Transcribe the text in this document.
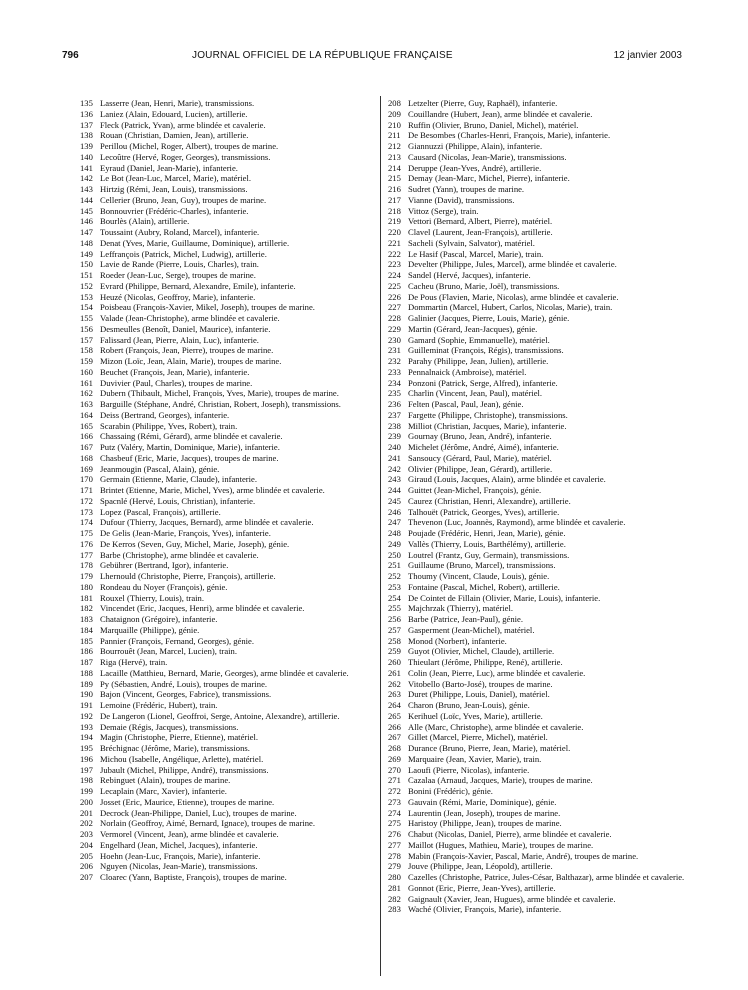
796	JOURNAL OFFICIEL DE LA RÉPUBLIQUE FRANÇAISE	12 janvier 2003

135 Lasserre (Jean, Henri, Marie), transmissions.

136 Laniez (Alain, Edouard, Lucien), artillerie.

137 Fleck (Patrick, Yvan), arme blindée et cavalerie.

138 Rouan (Christian, Damien, Jean), artillerie.

139 Perillou (Michel, Roger, Albert), troupes de marine.

140 Lecoûtre (Hervé, Roger, Georges), transmissions.

141 Eyraud (Daniel, Jean-Marie), infanterie.

142 Le Bot (Jean-Luc, Marcel, Marie), matériel.

143 Hirtzig (Rémi, Jean, Louis), transmissions.

144 Cellerier (Bruno, Jean, Guy), troupes de marine.

145 Bonnouvrier (Frédéric-Charles), infanterie.

146 Bourlès (Alain), artillerie.

147 Toussaint (Aubry, Roland, Marcel), infanterie.

148 Denat (Yves, Marie, Guillaume, Dominique), artillerie.

149 Leffrançois (Patrick, Michel, Ludwig), artillerie.

150 Lavie de Rande (Pierre, Louis, Charles), train.

151 Roeder (Jean-Luc, Serge), troupes de marine.

152 Evrard (Philippe, Bernard, Alexandre, Emile), infanterie.

153 Heuzé (Nicolas, Geoffroy, Marie), infanterie.

154 Poisbeau (François-Xavier, Mikel, Joseph), troupes de marine.

155 Valade (Jean-Christophe), arme blindée et cavalerie.

156 Desmeulles (Benoît, Daniel, Maurice), infanterie.

157 Falissard (Jean, Pierre, Alain, Luc), infanterie.

158 Robert (François, Jean, Pierre), troupes de marine.

159 Mizon (Loïc, Jean, Alain, Marie), troupes de marine.

160 Beuchet (François, Jean, Marie), infanterie.

161 Duvivier (Paul, Charles), troupes de marine.

162 Dubern (Thibault, Michel, François, Yves, Marie), troupes de marine.

163 Barguille (Stéphane, André, Christian, Robert, Joseph), transmissions.

164 Deiss (Bertrand, Georges), infanterie.

165 Scarabin (Philippe, Yves, Robert), train.

166 Chassaing (Rémi, Gérard), arme blindée et cavalerie.

167 Putz (Valéry, Martin, Dominique, Marie), infanterie.

168 Chasbeuf (Eric, Marie, Jacques), troupes de marine.

169 Jeanmougin (Pascal, Alain), génie.

170 Germain (Etienne, Marie, Claude), infanterie.

171 Brintet (Etienne, Marie, Michel, Yves), arme blindée et cavalerie.

172 Spacnlé (Hervé, Louis, Christian), infanterie.

173 Lopez (Pascal, François), artillerie.

174 Dufour (Thierry, Jacques, Bernard), arme blindée et cavalerie.

175 De Gelis (Jean-Marie, François, Yves), infanterie.

176 De Kerros (Seven, Guy, Michel, Marie, Joseph), génie.

177 Barbe (Christophe), arme blindée et cavalerie.

178 Gebührer (Bertrand, Igor), infanterie.

179 Lhernould (Christophe, Pierre, François), artillerie.

180 Rondeau du Noyer (François), génie.

181 Rouxel (Thierry, Louis), train.

182 Vincendet (Eric, Jacques, Henri), arme blindée et cavalerie.

183 Chataignon (Grégoire), infanterie.

184 Marquaille (Philippe), génie.

185 Pannier (François, Fernand, Georges), génie.

186 Bourrouêt (Jean, Marcel, Lucien), train.

187 Riga (Hervé), train.

188 Lacaille (Matthieu, Bernard, Marie, Georges), arme blindée et cavalerie.

189 Py (Sébastien, André, Louis), troupes de marine.

190 Bajon (Vincent, Georges, Fabrice), transmissions.

191 Lemoine (Frédéric, Hubert), train.

192 De Langeron (Lionel, Geoffroi, Serge, Antoine, Alexandre), artillerie.

193 Demaie (Régis, Jacques), transmissions.

194 Magin (Christophe, Pierre, Etienne), matériel.

195 Bréchignac (Jérôme, Marie), transmissions.

196 Michou (Isabelle, Angélique, Arlette), matériel.

197 Jubault (Michel, Philippe, André), transmissions.

198 Rebinguet (Alain), troupes de marine.

199 Lecaplain (Marc, Xavier), infanterie.

200 Josset (Eric, Maurice, Etienne), troupes de marine.

201 Decrock (Jean-Philippe, Daniel, Luc), troupes de marine.

202 Norlain (Geoffroy, Aimé, Bernard, Ignace), troupes de marine.

203 Vermorel (Vincent, Jean), arme blindée et cavalerie.

204 Engelhard (Jean, Michel, Jacques), infanterie.

205 Hoehn (Jean-Luc, François, Marie), infanterie.

206 Nguyen (Nicolas, Jean-Marie), transmissions.

207 Cloarec (Yann, Baptiste, François), troupes de marine.

208 Letzelter (Pierre, Guy, Raphaël), infanterie.

209 Couillandre (Hubert, Jean), arme blindée et cavalerie.

210 Ruffin (Olivier, Bruno, Daniel, Michel), matériel.

211 De Besombes (Charles-Henri, François, Marie), infanterie.

212 Giannuzzi (Philippe, Alain), infanterie.

213 Causard (Nicolas, Jean-Marie), transmissions.

214 Deruppe (Jean-Yves, André), artillerie.

215 Demay (Jean-Marc, Michel, Pierre), infanterie.

216 Sudret (Yann), troupes de marine.

217 Vianne (David), transmissions.

218 Vittoz (Serge), train.

219 Vettori (Bernard, Albert, Pierre), matériel.

220 Clavel (Laurent, Jean-François), artillerie.

221 Sacheli (Sylvain, Salvator), matériel.

222 Le Hasif (Pascal, Marcel, Marie), train.

223 Develter (Philippe, Jules, Marcel), arme blindée et cavalerie.

224 Sandel (Hervé, Jacques), infanterie.

225 Cacheu (Bruno, Marie, Joël), transmissions.

226 De Pous (Flavien, Marie, Nicolas), arme blindée et cavalerie.

227 Dommartin (Marcel, Hubert, Carlos, Nicolas, Marie), train.

228 Galinier (Jacques, Pierre, Louis, Marie), génie.

229 Martin (Gérard, Jean-Jacques), génie.

230 Gamard (Sophie, Emmanuelle), matériel.

231 Guilleminat (François, Régis), transmissions.

232 Parahy (Philippe, Jean, Julien), artillerie.

233 Pennalnaick (Ambroise), matériel.

234 Ponzoni (Patrick, Serge, Alfred), infanterie.

235 Charlin (Vincent, Jean, Paul), matériel.

236 Felten (Pascal, Paul, Jean), génie.

237 Fargette (Philippe, Christophe), transmissions.

238 Milliot (Christian, Jacques, Marie), infanterie.

239 Gournay (Bruno, Jean, André), infanterie.

240 Michelet (Jérôme, André, Aimé), infanterie.

241 Sansoucy (Gérard, Paul, Marie), matériel.

242 Olivier (Philippe, Jean, Gérard), artillerie.

243 Giraud (Louis, Jacques, Alain), arme blindée et cavalerie.

244 Guittet (Jean-Michel, François), génie.

245 Caurez (Christian, Henri, Alexandre), artillerie.

246 Talhouët (Patrick, Georges, Yves), artillerie.

247 Thevenon (Luc, Joannès, Raymond), arme blindée et cavalerie.

248 Poujade (Frédéric, Henri, Jean, Marie), génie.

249 Vallès (Thierry, Louis, Barthélémy), artillerie.

250 Loutrel (Frantz, Guy, Germain), transmissions.

251 Guillaume (Bruno, Marcel), transmissions.

252 Thoumy (Vincent, Claude, Louis), génie.

253 Fontaine (Pascal, Michel, Robert), artillerie.

254 De Cointet de Fillain (Olivier, Marie, Louis), infanterie.

255 Majchrzak (Thierry), matériel.

256 Barbe (Patrice, Jean-Paul), génie.

257 Gasperment (Jean-Michel), matériel.

258 Monod (Norbert), infanterie.

259 Guyot (Olivier, Michel, Claude), artillerie.

260 Thieulart (Jérôme, Philippe, René), artillerie.

261 Colin (Jean, Pierre, Luc), arme blindée et cavalerie.

262 Vitobello (Barto-José), troupes de marine.

263 Duret (Philippe, Louis, Daniel), matériel.

264 Charon (Bruno, Jean-Louis), génie.

265 Kerihuel (Loïc, Yves, Marie), artillerie.

266 Alle (Marc, Christophe), arme blindée et cavalerie.

267 Gillet (Marcel, Pierre, Michel), matériel.

268 Durance (Bruno, Pierre, Jean, Marie), matériel.

269 Marquaire (Jean, Xavier, Marie), train.

270 Laoufi (Pierre, Nicolas), infanterie.

271 Cazalaa (Arnaud, Jacques, Marie), troupes de marine.

272 Bonini (Frédéric), génie.

273 Gauvain (Rémi, Marie, Dominique), génie.

274 Laurentin (Jean, Joseph), troupes de marine.

275 Haristoy (Philippe, Jean), troupes de marine.

276 Chabut (Nicolas, Daniel, Pierre), arme blindée et cavalerie.

277 Maillot (Hugues, Mathieu, Marie), troupes de marine.

278 Mabin (François-Xavier, Pascal, Marie, André), troupes de marine.

279 Jouve (Philippe, Jean, Léopold), artillerie.

280 Cazelles (Christophe, Patrice, Jules-César, Balthazar), arme blindée et cavalerie.

281 Gonnot (Eric, Pierre, Jean-Yves), artillerie.

282 Gaignault (Xavier, Jean, Hugues), arme blindée et cavalerie.

283 Waché (Olivier, François, Marie), infanterie.
